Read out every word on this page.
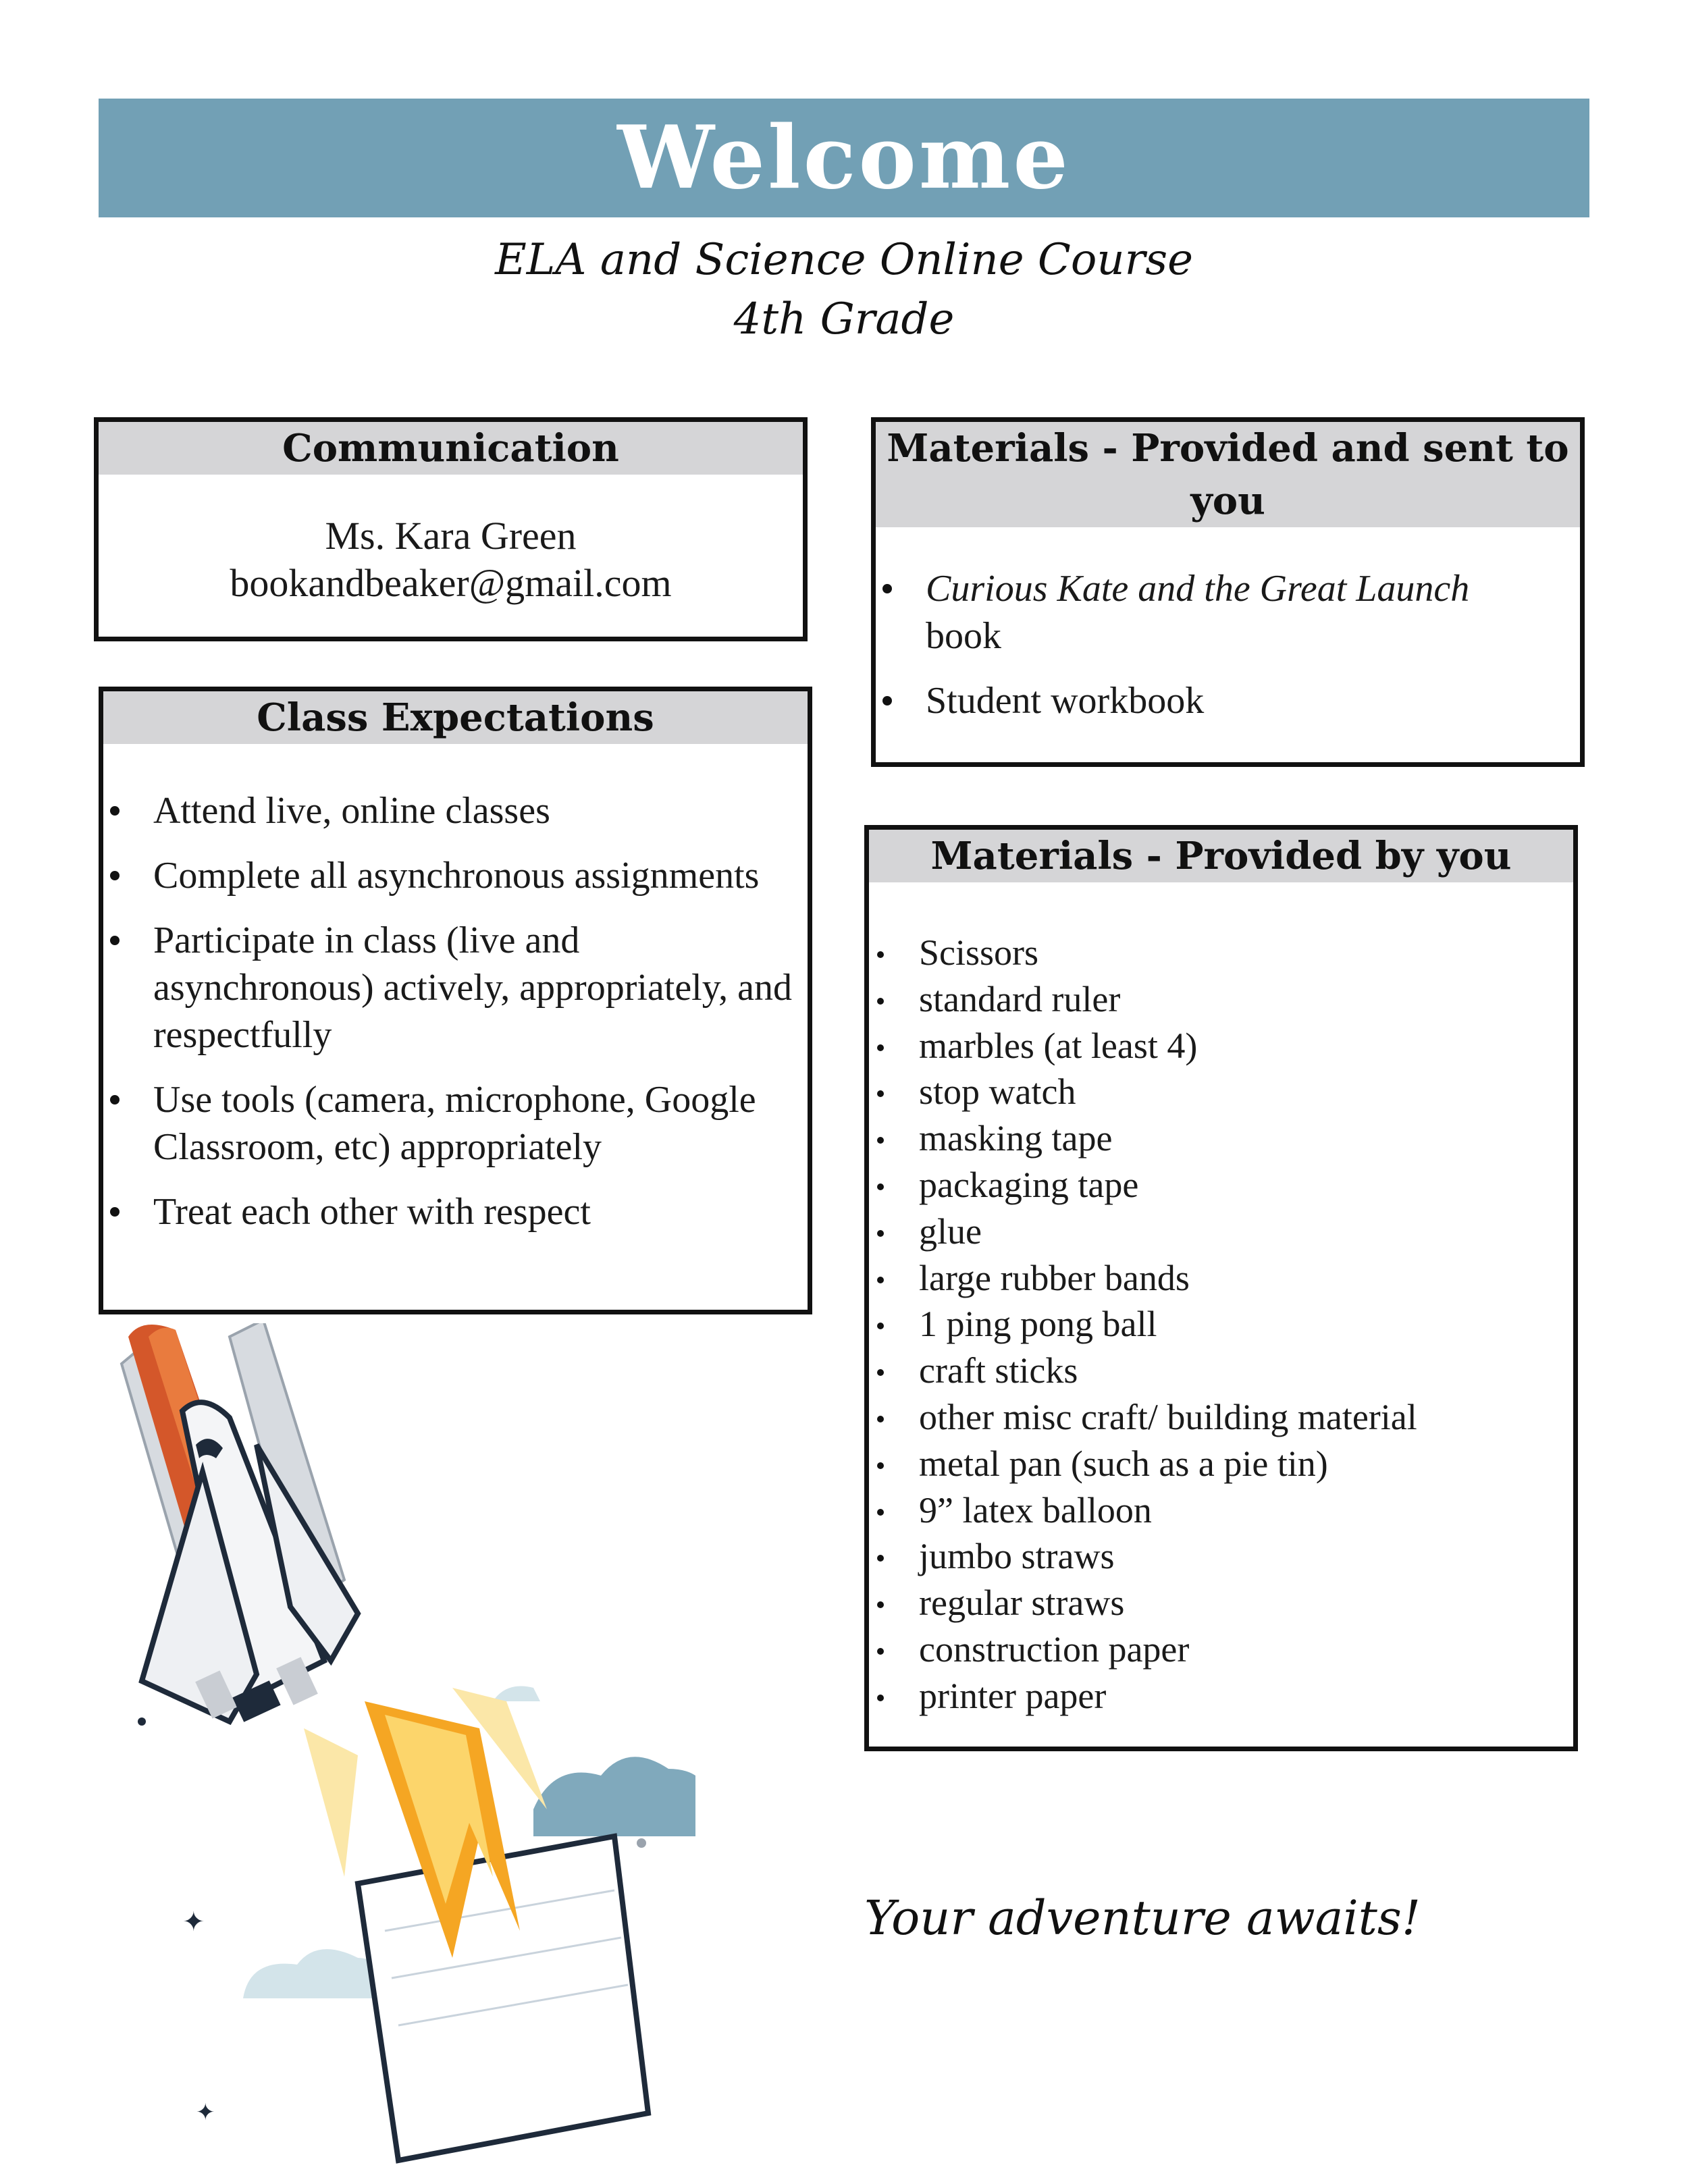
Welcome
ELA and Science Online Course
4th Grade
Communication
Ms. Kara Green
bookandbeaker@gmail.com
Class Expectations
Attend live, online classes
Complete all asynchronous assignments
Participate in class (live and asynchronous) actively, appropriately, and respectfully
Use tools (camera, microphone, Google Classroom, etc) appropriately
Treat each other with respect
Materials - Provided and sent to you
Curious Kate and the Great Launch
book
Student workbook
Materials - Provided by you
Scissors
standard ruler
marbles (at least 4)
stop watch
masking tape
packaging tape
glue
large rubber bands
1 ping pong ball
craft sticks
other misc craft/ building material
metal pan (such as a pie tin)
9” latex balloon
jumbo straws
regular straws
construction paper
printer paper
✦
✦
Your adventure awaits!
